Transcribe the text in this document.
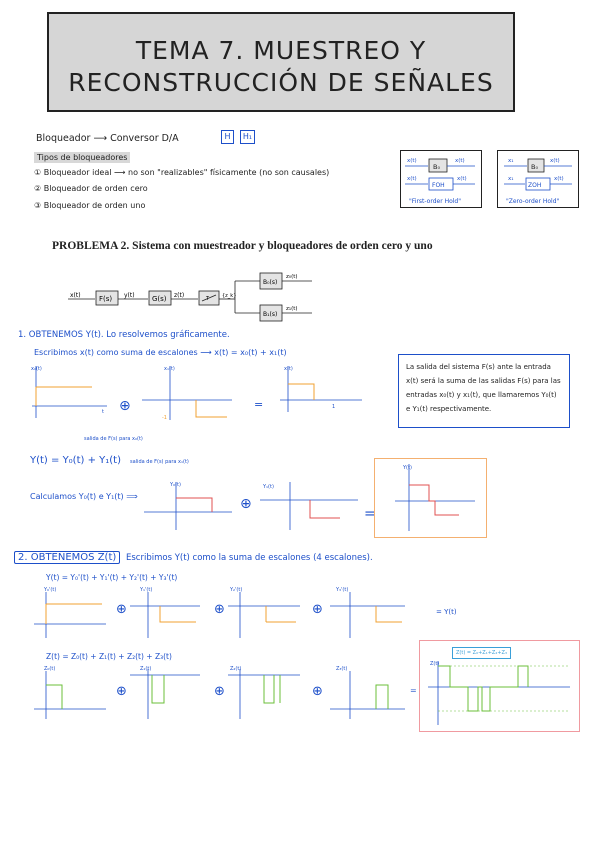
TEMA 7. MUESTREO Y
RECONSTRUCCIÓN DE SEÑALES
Bloqueador ⟶ Conversor D/A	H	H₁
Tipos de bloqueadores
① Bloqueador ideal ⟶ no son "realizables" físicamente (no son causales)
② Bloqueador de orden cero
③ Bloqueador de orden uno
x(t)
B₀
x(t)
x(t)
FOH
x(t)
"First-order Hold"
x₁
B₀
x(t)
x₁
ZOH
x(t)
"Zero-order Hold"
PROBLEMA 2. Sistema con muestreador y bloqueadores de orden cero y uno
x(t)	F(s) y(t) G(s) z(t)	T	{z_k}
B₀(s)
z₀(t)
B₁(s)
z₁(t)
1. OBTENEMOS Y(t). Lo resolvemos gráficamente.
Escribimos x(t) como suma de escalones ⟶ x(t) = x₀(t) + x₁(t)
x₀(t)
t ⊕
x₁(t)
-1
=
x(t)
1
La salida del sistema F(s) ante la entrada x(t) será la suma de las salidas F(s) para las entradas x₀(t) y x₁(t), que llamaremos Y₀(t) e Y₁(t) respectivamente.
Y(t) = Y₀(t) + Y₁(t)
salida de F(s) para x₀(t)
salida de F(s) para x₁(t)
Calculamos Y₀(t) e Y₁(t) ⟹
Y₀(t)
⊕
Y₁(t)
=
Y(t)
2. OBTENEMOS Z(t)	Escribimos Y(t) como la suma de escalones (4 escalones).
Y(t) = Y₀'(t) + Y₁'(t) + Y₂'(t) + Y₃'(t)
Y₀'(t)
⊕
Y₁'(t)
⊕
Y₂'(t)
⊕
Y₃'(t)
= Y(t)
Z(t) = Z₀(t) + Z₁(t) + Z₂(t) + Z₃(t)
Z₀(t)
⊕
Z₁(t)
⊕
Z₂(t)
⊕
Z₃(t)
=
Z(t) = Z₀+Z₁+Z₂+Z₃
Z(t)
